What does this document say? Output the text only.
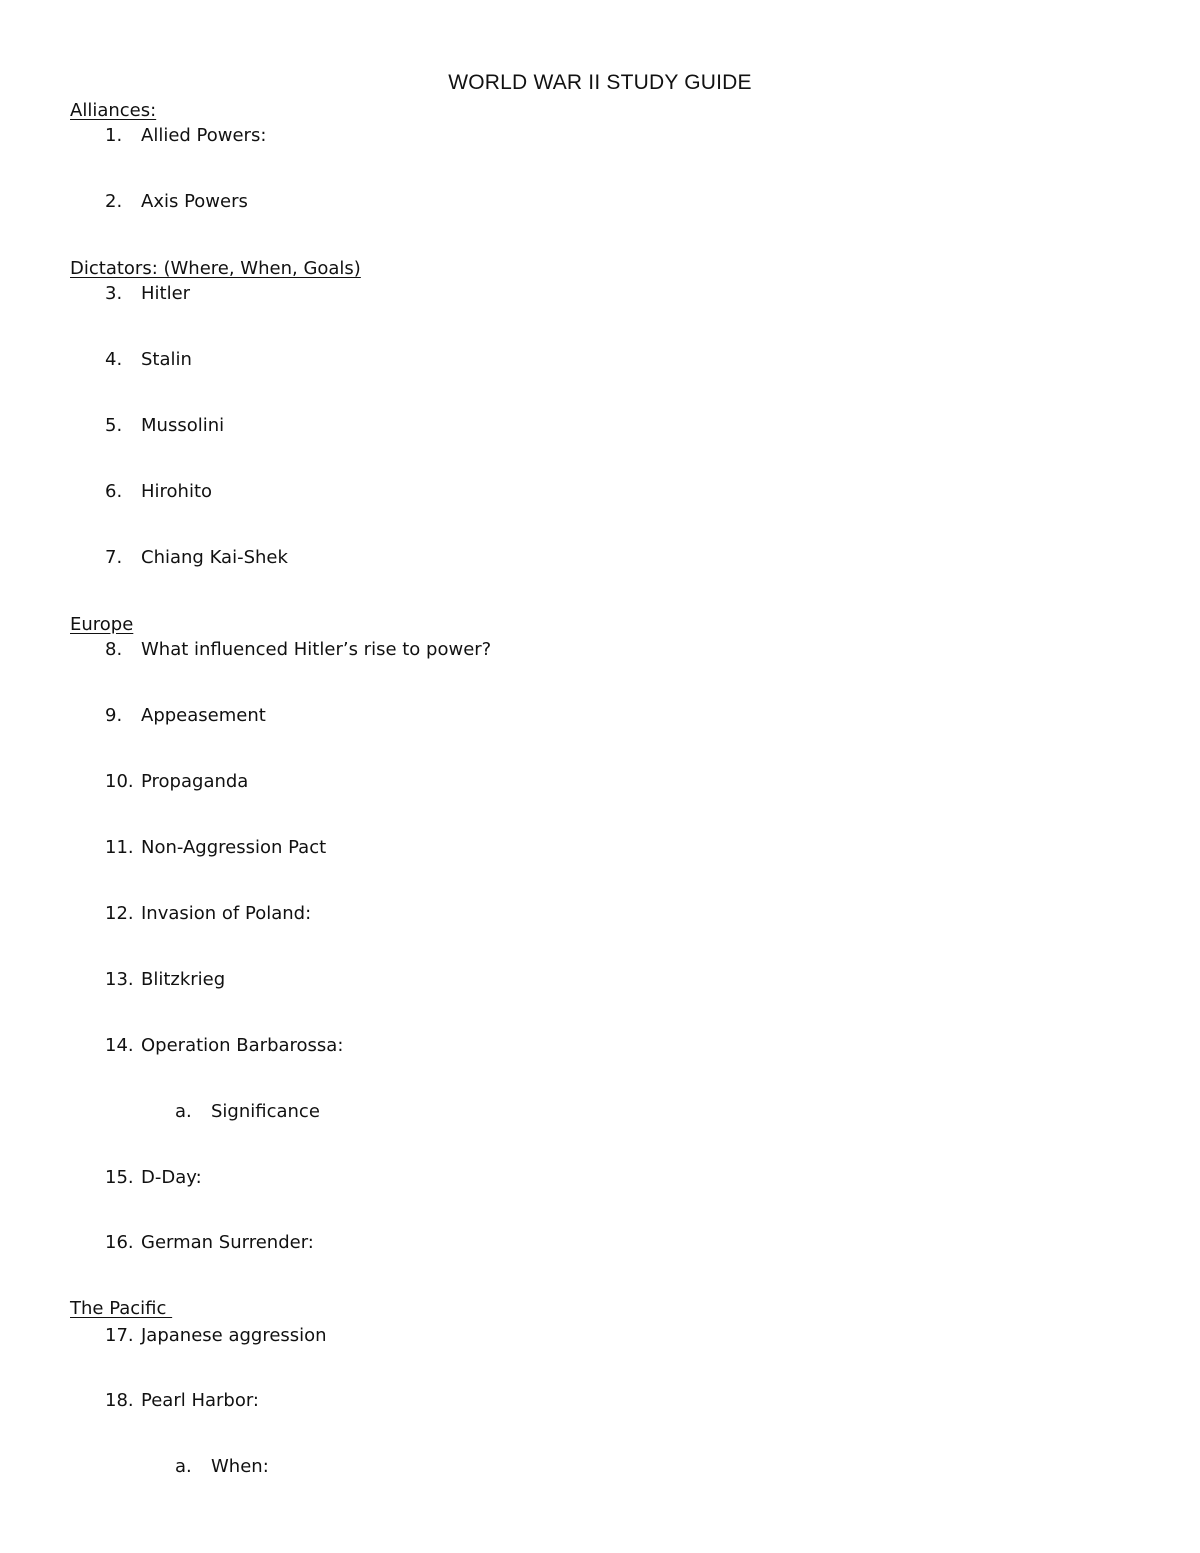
WORLD WAR II STUDY GUIDE
Alliances:
1. Allied Powers:
2. Axis Powers
Dictators: (Where, When, Goals)
3. Hitler
4. Stalin
5. Mussolini
6. Hirohito
7. Chiang Kai-Shek
Europe
8. What influenced Hitler’s rise to power?
9. Appeasement
10. Propaganda
11. Non-Aggression Pact
12. Invasion of Poland:
13. Blitzkrieg
14. Operation Barbarossa:
a. Significance
15. D-Day:
16. German Surrender:
The Pacific
17. Japanese aggression
18. Pearl Harbor:
a. When:
